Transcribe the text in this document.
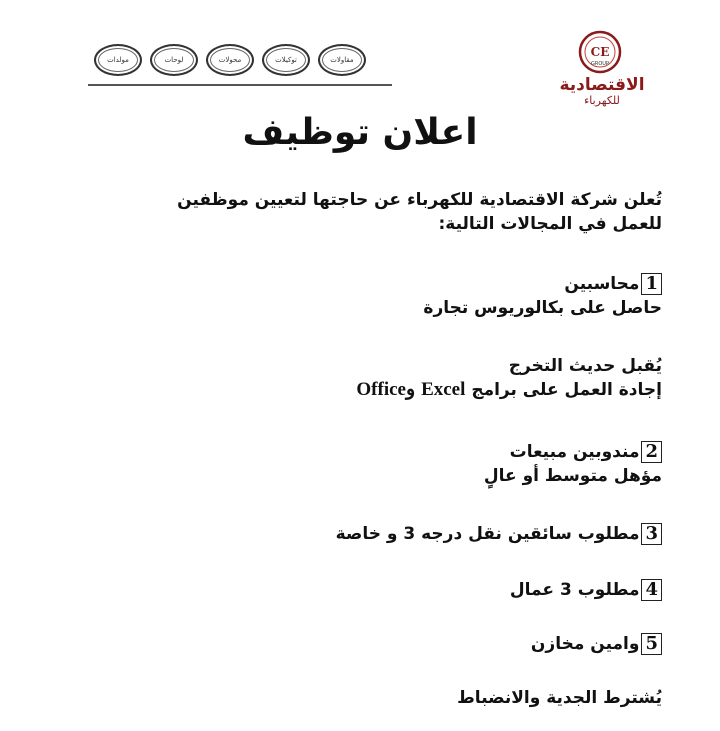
مولدات	لوحات	محولات	توكيلات	مقاولات
CE
GROUP
الاقتصادية
للكهرباء
اعلان توظيف
تُعلن شركة الاقتصادية للكهرباء عن حاجتها لتعيين موظفين للعمل في المجالات التالية:
1محاسبين
حاصل على بكالوريوس تجارة
يُقبل حديث التخرج
إجادة العمل على برامج Excel وOffice
2مندوبين مبيعات
مؤهل متوسط أو عالٍ
3مطلوب سائقين نقل درجه 3 و خاصة
4مطلوب 3 عمال
5وامين مخازن
يُشترط الجدية والانضباط
